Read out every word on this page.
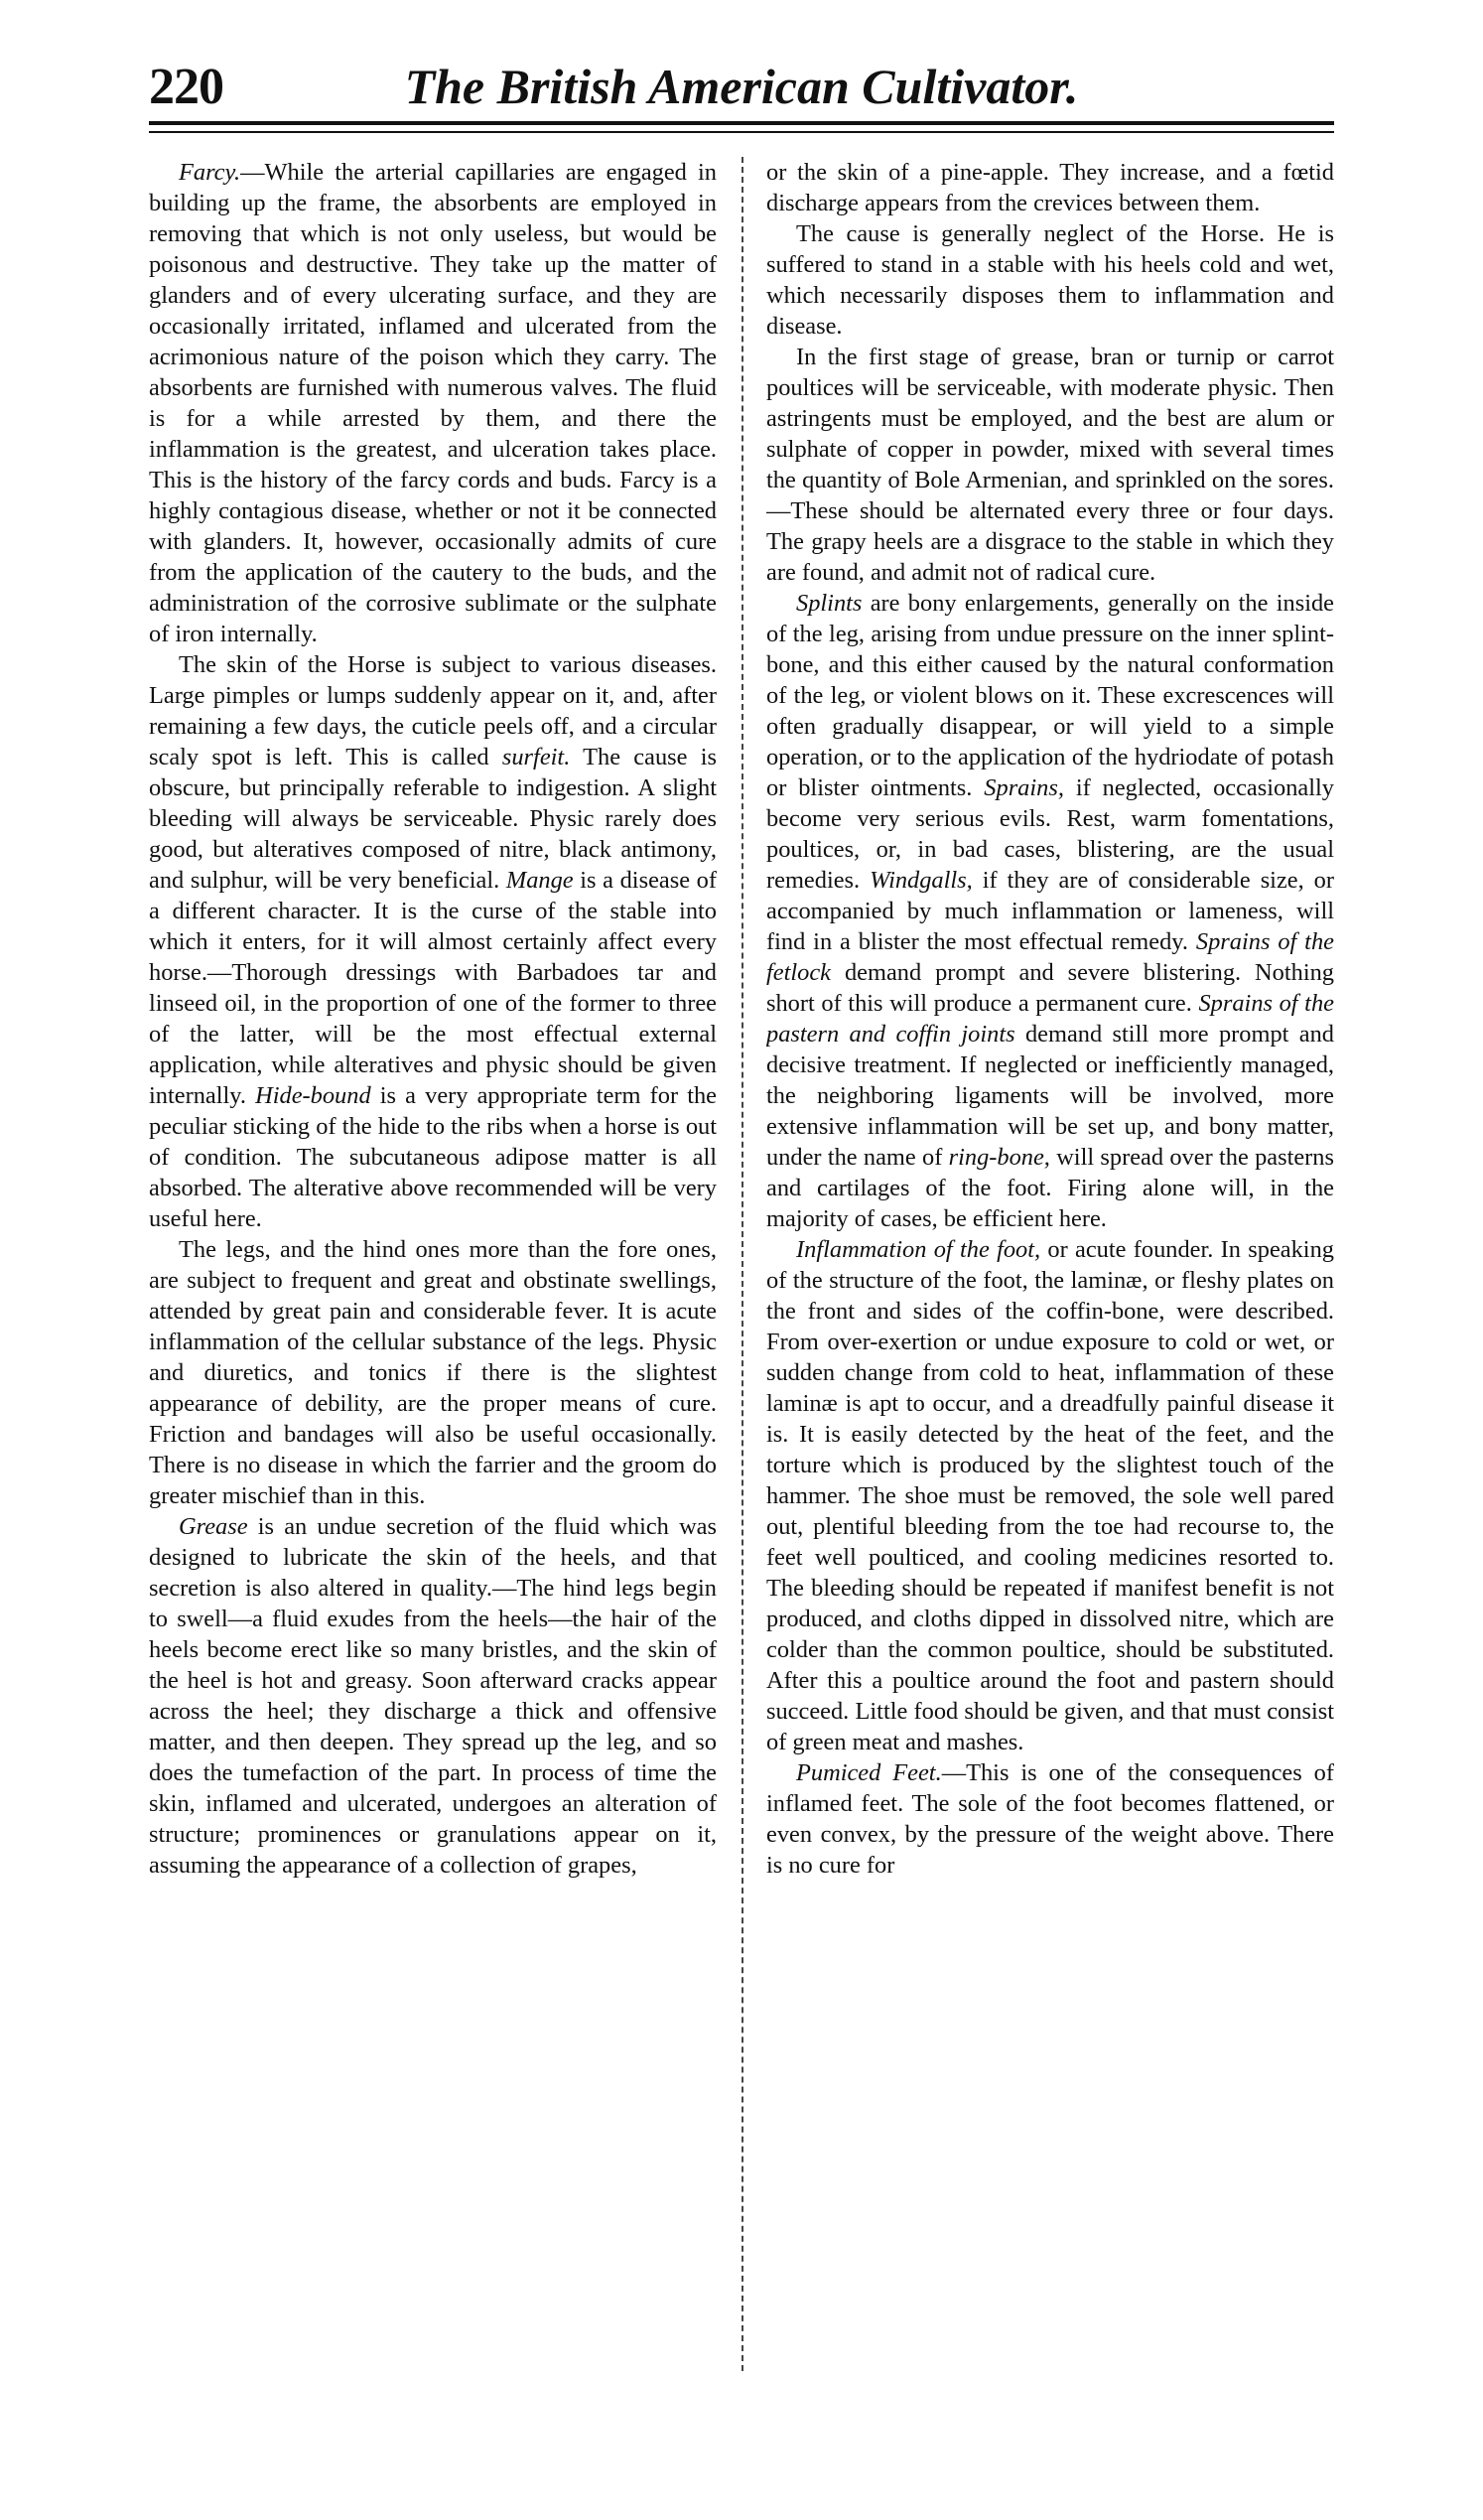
220	The British American Cultivator.

Farcy.—While the arterial capillaries are engaged in building up the frame, the absorbents are employed in removing that which is not only useless, but would be poisonous and destructive. They take up the matter of glanders and of every ulcerating surface, and they are occasionally irritated, inflamed and ulcerated from the acrimonious nature of the poison which they carry. The absorbents are furnished with numerous valves. The fluid is for a while arrested by them, and there the inflammation is the greatest, and ulceration takes place. This is the history of the farcy cords and buds. Farcy is a highly contagious disease, whether or not it be connected with glanders. It, however, occasionally admits of cure from the application of the cautery to the buds, and the administration of the corrosive sublimate or the sulphate of iron internally.

The skin of the Horse is subject to various diseases. Large pimples or lumps suddenly appear on it, and, after remaining a few days, the cuticle peels off, and a circular scaly spot is left. This is called surfeit. The cause is obscure, but principally referable to indigestion. A slight bleeding will always be serviceable. Physic rarely does good, but alteratives composed of nitre, black antimony, and sulphur, will be very beneficial. Mange is a disease of a different character. It is the curse of the stable into which it enters, for it will almost certainly affect every horse.—Thorough dressings with Barbadoes tar and linseed oil, in the proportion of one of the former to three of the latter, will be the most effectual external application, while alteratives and physic should be given internally. Hide-bound is a very appropriate term for the peculiar sticking of the hide to the ribs when a horse is out of condition. The subcutaneous adipose matter is all absorbed. The alterative above recommended will be very useful here.

The legs, and the hind ones more than the fore ones, are subject to frequent and great and obstinate swellings, attended by great pain and considerable fever. It is acute inflammation of the cellular substance of the legs. Physic and diuretics, and tonics if there is the slightest appearance of debility, are the proper means of cure. Friction and bandages will also be useful occasionally. There is no disease in which the farrier and the groom do greater mischief than in this.

Grease is an undue secretion of the fluid which was designed to lubricate the skin of the heels, and that secretion is also altered in quality.—The hind legs begin to swell—a fluid exudes from the heels—the hair of the heels become erect like so many bristles, and the skin of the heel is hot and greasy. Soon afterward cracks appear across the heel; they discharge a thick and offensive matter, and then deepen. They spread up the leg, and so does the tumefaction of the part. In process of time the skin, inflamed and ulcerated, undergoes an alteration of structure; prominences or granulations appear on it, assuming the appearance of a collection of grapes,

or the skin of a pine-apple. They increase, and a fœtid discharge appears from the crevices between them.

The cause is generally neglect of the Horse. He is suffered to stand in a stable with his heels cold and wet, which necessarily disposes them to inflammation and disease.

In the first stage of grease, bran or turnip or carrot poultices will be serviceable, with moderate physic. Then astringents must be employed, and the best are alum or sulphate of copper in powder, mixed with several times the quantity of Bole Armenian, and sprinkled on the sores.—These should be alternated every three or four days. The grapy heels are a disgrace to the stable in which they are found, and admit not of radical cure.

Splints are bony enlargements, generally on the inside of the leg, arising from undue pressure on the inner splint-bone, and this either caused by the natural conformation of the leg, or violent blows on it. These excrescences will often gradually disappear, or will yield to a simple operation, or to the application of the hydriodate of potash or blister ointments. Sprains, if neglected, occasionally become very serious evils. Rest, warm fomentations, poultices, or, in bad cases, blistering, are the usual remedies. Windgalls, if they are of considerable size, or accompanied by much inflammation or lameness, will find in a blister the most effectual remedy. Sprains of the fetlock demand prompt and severe blistering. Nothing short of this will produce a permanent cure. Sprains of the pastern and coffin joints demand still more prompt and decisive treatment. If neglected or inefficiently managed, the neighboring ligaments will be involved, more extensive inflammation will be set up, and bony matter, under the name of ring-bone, will spread over the pasterns and cartilages of the foot. Firing alone will, in the majority of cases, be efficient here.

Inflammation of the foot, or acute founder. In speaking of the structure of the foot, the laminæ, or fleshy plates on the front and sides of the coffin-bone, were described. From over-exertion or undue exposure to cold or wet, or sudden change from cold to heat, inflammation of these laminæ is apt to occur, and a dreadfully painful disease it is. It is easily detected by the heat of the feet, and the torture which is produced by the slightest touch of the hammer. The shoe must be removed, the sole well pared out, plentiful bleeding from the toe had recourse to, the feet well poulticed, and cooling medicines resorted to. The bleeding should be repeated if manifest benefit is not produced, and cloths dipped in dissolved nitre, which are colder than the common poultice, should be substituted. After this a poultice around the foot and pastern should succeed. Little food should be given, and that must consist of green meat and mashes.

Pumiced Feet.—This is one of the consequences of inflamed feet. The sole of the foot becomes flattened, or even convex, by the pressure of the weight above. There is no cure for
